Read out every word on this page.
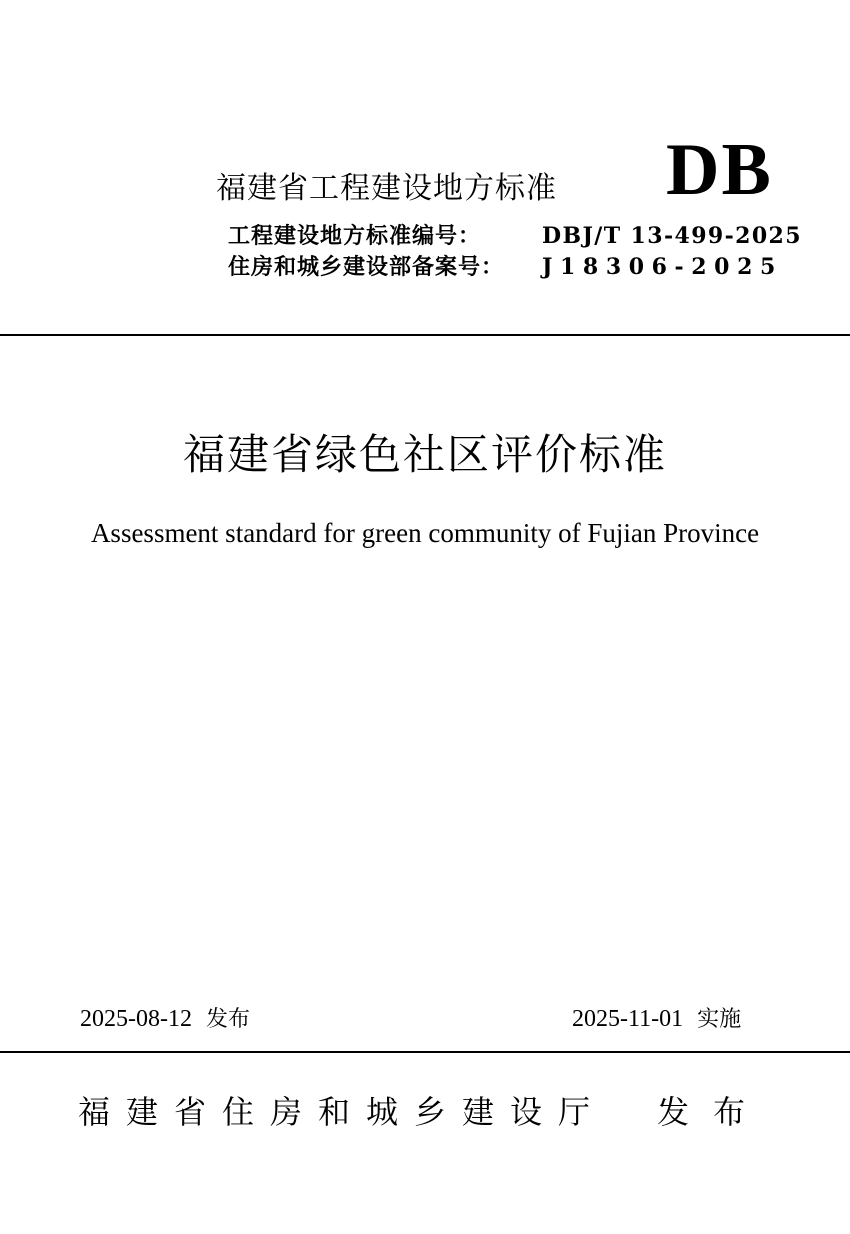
福建省工程建设地方标准 DB
工程建设地方标准编号：	DBJ/T 13-499-2025
住房和城乡建设部备案号： J18306-2025
福建省绿色社区评价标准
Assessment standard for green community of Fujian Province
2025-08-12 发布	2025-11-01 实施
福建省住房和城乡建设厅 发布
